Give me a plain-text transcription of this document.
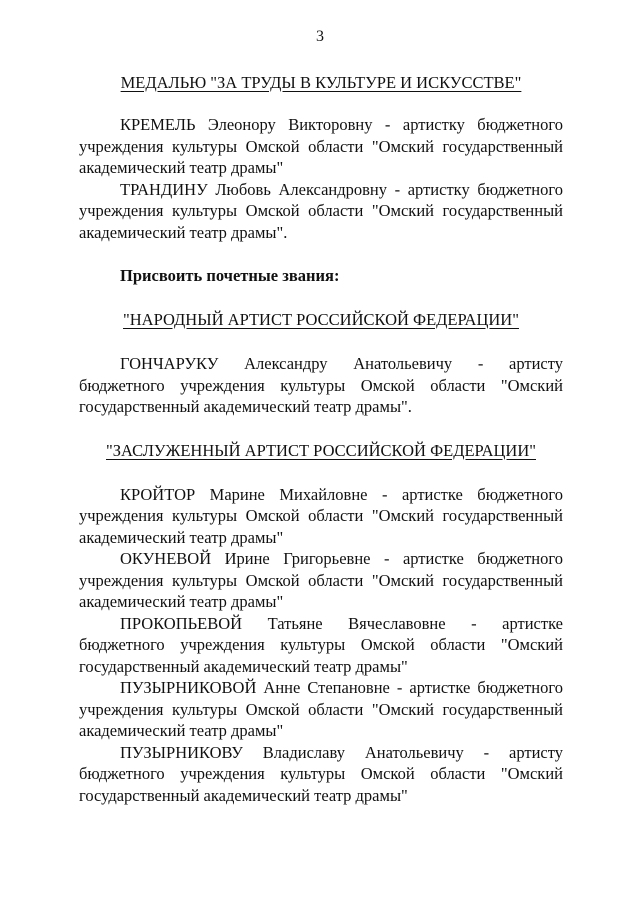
3

МЕДАЛЬЮ "ЗА ТРУДЫ В КУЛЬТУРЕ И ИСКУССТВЕ"

КРЕМЕЛЬ Элеонору Викторовну - артистку бюджетного учреждения культуры Омской области "Омский государственный академический театр драмы"

ТРАНДИНУ Любовь Александровну - артистку бюджетного учреждения культуры Омской области "Омский государственный академический театр драмы".

Присвоить почетные звания:

"НАРОДНЫЙ АРТИСТ РОССИЙСКОЙ ФЕДЕРАЦИИ"

ГОНЧАРУКУ Александру Анатольевичу - артисту бюджетного учреждения культуры Омской области "Омский государственный академический театр драмы".

"ЗАСЛУЖЕННЫЙ АРТИСТ РОССИЙСКОЙ ФЕДЕРАЦИИ"

КРОЙТОР Марине Михайловне - артистке бюджетного учреждения культуры Омской области "Омский государственный академический театр драмы"

ОКУНЕВОЙ Ирине Григорьевне - артистке бюджетного учреждения культуры Омской области "Омский государственный академический театр драмы"

ПРОКОПЬЕВОЙ Татьяне Вячеславовне - артистке бюджетного учреждения культуры Омской области "Омский государственный академический театр драмы"

ПУЗЫРНИКОВОЙ Анне Степановне - артистке бюджетного учреждения культуры Омской области "Омский государственный академический театр драмы"

ПУЗЫРНИКОВУ Владиславу Анатольевичу - артисту бюджетного учреждения культуры Омской области "Омский государственный академический театр драмы"
